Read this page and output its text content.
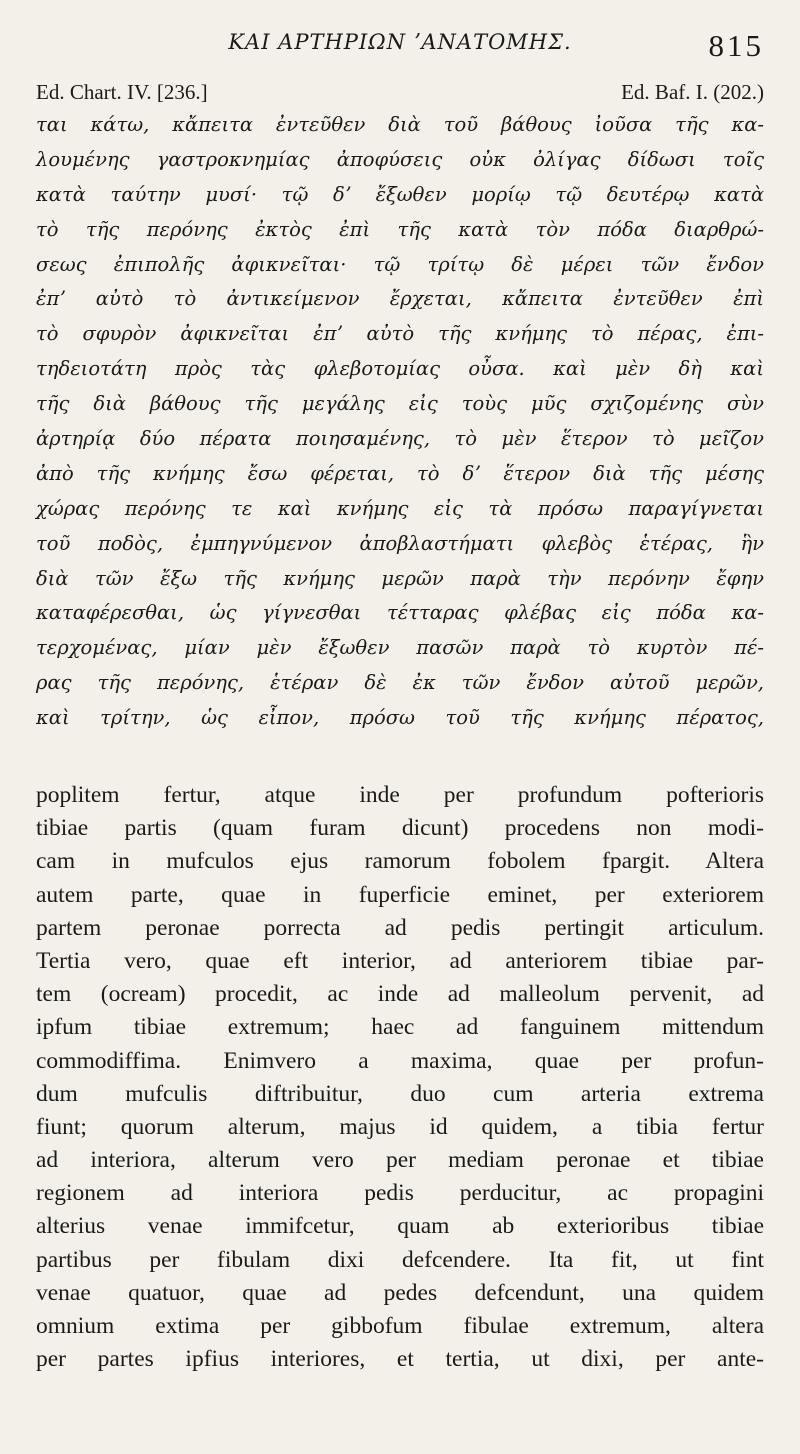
ΚΑΙ ΑΡΤΗΡΙΩΝ ʼΑΝΑΤΟΜΗΣ.	815
Ed. Chart. IV. [236.]	Ed. Baf. I. (202.)
ται κάτω, κἄπειτα ἐντεῦθεν διὰ τοῦ βάθους ἰοῦσα τῆς κα-
λουμένης γαστροκνημίας ἀποφύσεις οὐκ ὀλίγας δίδωσι τοῖς
κατὰ ταύτην μυσί· τῷ δʼ ἔξωθεν μορίῳ τῷ δευτέρῳ κατὰ
τὸ τῆς περόνης ἐκτὸς ἐπὶ τῆς κατὰ τὸν πόδα διαρθρώ-
σεως ἐπιπολῆς ἀφικνεῖται· τῷ τρίτῳ δὲ μέρει τῶν ἔνδον
ἐπʼ αὐτὸ τὸ ἀντικείμενον ἔρχεται, κἄπειτα ἐντεῦθεν ἐπὶ
τὸ σφυρὸν ἀφικνεῖται ἐπʼ αὐτὸ τῆς κνήμης τὸ πέρας, ἐπι-
τηδειοτάτη πρὸς τὰς φλεβοτομίας οὖσα. καὶ μὲν δὴ καὶ
τῆς διὰ βάθους τῆς μεγάλης εἰς τοὺς μῦς σχιζομένης σὺν
ἀρτηρίᾳ δύο πέρατα ποιησαμένης, τὸ μὲν ἕτερον τὸ μεῖζον
ἀπὸ τῆς κνήμης ἔσω φέρεται, τὸ δʼ ἕτερον διὰ τῆς μέσης
χώρας περόνης τε καὶ κνήμης εἰς τὰ πρόσω παραγίγνεται
τοῦ ποδὸς, ἐμπηγνύμενον ἀποβλαστήματι φλεβὸς ἑτέρας, ἣν
διὰ τῶν ἔξω τῆς κνήμης μερῶν παρὰ τὴν περόνην ἔφην
καταφέρεσθαι, ὡς γίγνεσθαι τέτταρας φλέβας εἰς πόδα κα-
τερχομένας, μίαν μὲν ἔξωθεν πασῶν παρὰ τὸ κυρτὸν πέ-
ρας τῆς περόνης, ἑτέραν δὲ ἐκ τῶν ἔνδον αὐτοῦ μερῶν,
καὶ τρίτην, ὡς εἶπον, πρόσω τοῦ τῆς κνήμης πέρατος,
poplitem fertur, atque inde per profundum pofterioris
tibiae partis (quam furam dicunt) procedens non modi-
cam in mufculos ejus ramorum fobolem fpargit. Altera
autem parte, quae in fuperficie eminet, per exteriorem
partem peronae porrecta ad pedis pertingit articulum.
Tertia vero, quae eft interior, ad anteriorem tibiae par-
tem (ocream) procedit, ac inde ad malleolum pervenit, ad
ipfum tibiae extremum; haec ad fanguinem mittendum
commodiffima. Enimvero a maxima, quae per profun-
dum mufculis diftribuitur, duo cum arteria extrema
fiunt; quorum alterum, majus id quidem, a tibia fertur
ad interiora, alterum vero per mediam peronae et tibiae
regionem ad interiora pedis perducitur, ac propagini
alterius venae immifcetur, quam ab exterioribus tibiae
partibus per fibulam dixi defcendere. Ita fit, ut fint
venae quatuor, quae ad pedes defcendunt, una quidem
omnium extima per gibbofum fibulae extremum, altera
per partes ipfius interiores, et tertia, ut dixi, per ante-
